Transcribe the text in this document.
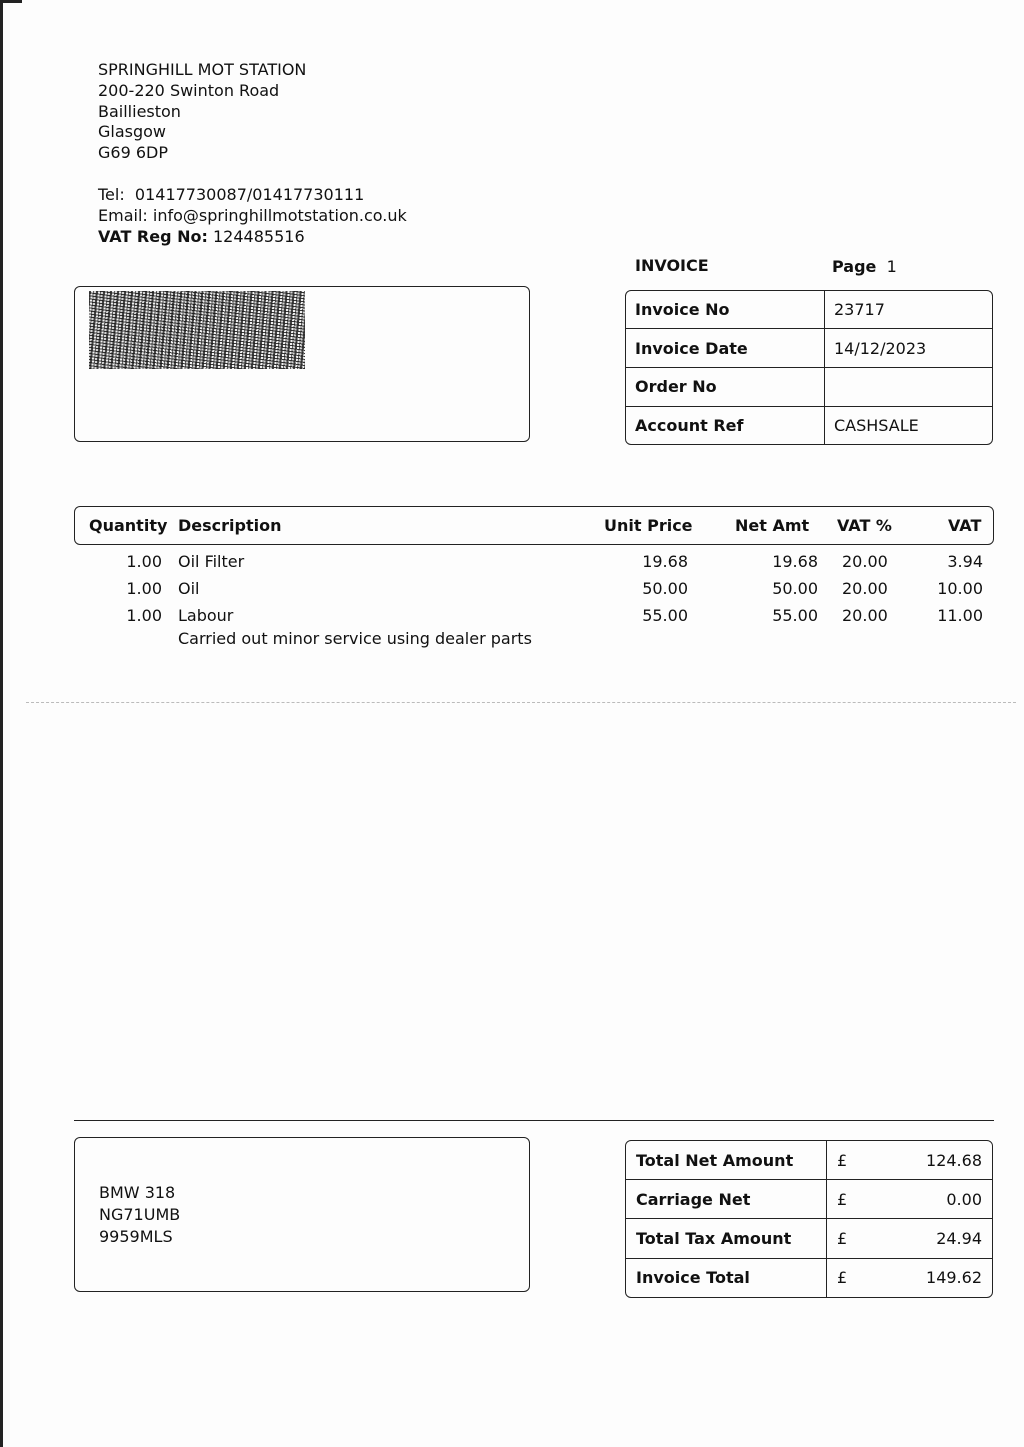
SPRINGHILL MOT STATION
200-220 Swinton Road
Baillieston
Glasgow
G69 6DP
Tel: 01417730087/01417730111
Email: info@springhillmotstation.co.uk
VAT Reg No: 124485516
INVOICE	Page 1
Invoice No	23717
Invoice Date	14/12/2023
Order No	
Account Ref	CASHSALE
Quantity Description	Unit Price	Net Amt VAT %	VAT
1.00 Oil Filter	19.68	19.68 20.00	3.94
1.00 Oil	50.00	50.00 20.00	10.00
1.00 Labour	55.00	55.00 20.00	11.00
Carried out minor service using dealer parts
BMW 318
NG71UMB
9959MLS
Total Net Amount	£	124.68
Carriage Net	£	0.00
Total Tax Amount	£	24.94
Invoice Total	£	149.62
